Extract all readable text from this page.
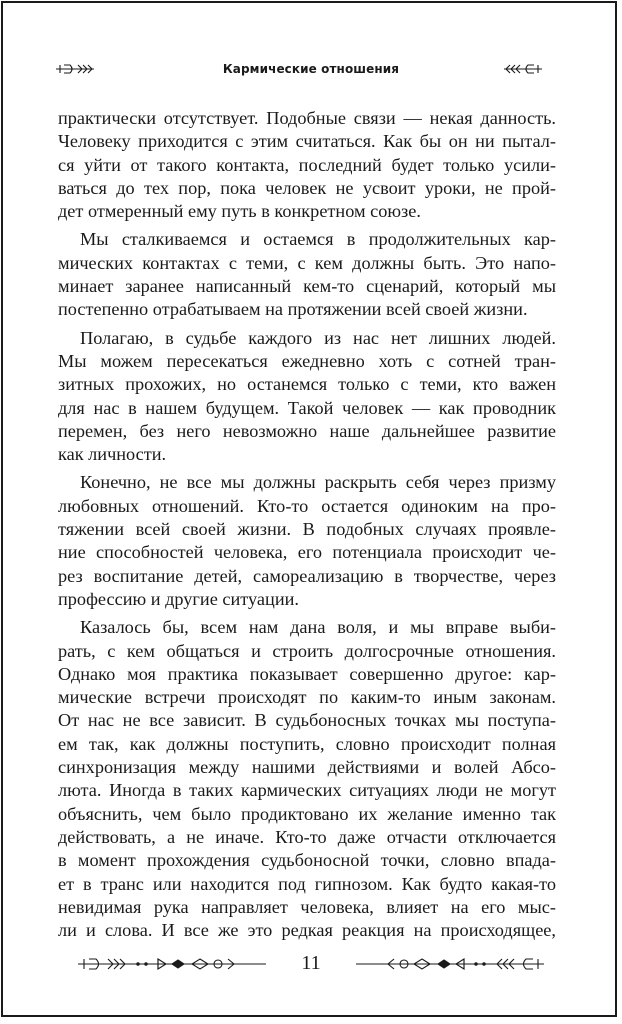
Кармические отношения
практически отсутствует. Подобные связи — некая данность.
Человеку приходится с этим считаться. Как бы он ни пытал-
ся уйти от такого контакта, последний будет только усили-
ваться до тех пор, пока человек не усвоит уроки, не прой-
дет отмеренный ему путь в конкретном союзе.
Мы сталкиваемся и остаемся в продолжительных кар-
мических контактах с теми, с кем должны быть. Это напо-
минает заранее написанный кем-то сценарий, который мы
постепенно отрабатываем на протяжении всей своей жизни.
Полагаю, в судьбе каждого из нас нет лишних людей.
Мы можем пересекаться ежедневно хоть с сотней тран-
зитных прохожих, но останемся только с теми, кто важен
для нас в нашем будущем. Такой человек — как проводник
перемен, без него невозможно наше дальнейшее развитие
как личности.
Конечно, не все мы должны раскрыть себя через призму
любовных отношений. Кто-то остается одиноким на про-
тяжении всей своей жизни. В подобных случаях проявле-
ние способностей человека, его потенциала происходит че-
рез воспитание детей, самореализацию в творчестве, через
профессию и другие ситуации.
Казалось бы, всем нам дана воля, и мы вправе выби-
рать, с кем общаться и строить долгосрочные отношения.
Однако моя практика показывает совершенно другое: кар-
мические встречи происходят по каким-то иным законам.
От нас не все зависит. В судьбоносных точках мы поступа-
ем так, как должны поступить, словно происходит полная
синхронизация между нашими действиями и волей Абсо-
люта. Иногда в таких кармических ситуациях люди не могут
объяснить, чем было продиктовано их желание именно так
действовать, а не иначе. Кто-то даже отчасти отключается
в момент прохождения судьбоносной точки, словно впада-
ет в транс или находится под гипнозом. Как будто какая-то
невидимая рука направляет человека, влияет на его мыс-
ли и слова. И все же это редкая реакция на происходящее,
11
